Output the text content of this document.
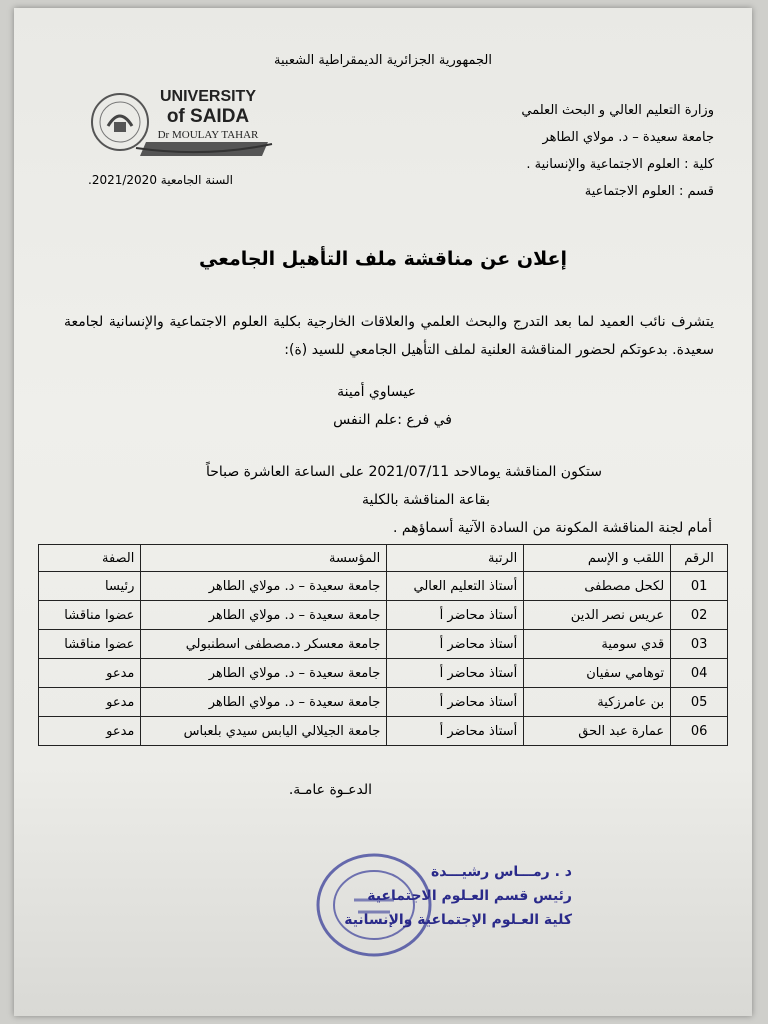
الجمهورية الجزائرية الديمقراطية الشعبية
وزارة التعليم العالي و البحث العلمي
جامعة سعيدة – د. مولاي الطاهر
كلية : العلوم الاجتماعية والإنسانية .
قسم : العلوم الاجتماعية
UNIVERSITY
of SAIDA
Dr MOULAY TAHAR
السنة الجامعية 2021/2020.
إعلان عن مناقشة ملف التأهيل الجامعي
يتشرف نائب العميد لما بعد التدرج والبحث العلمي والعلاقات الخارجية بكلية العلوم الاجتماعية والإنسانية لجامعة سعيدة. بدعوتكم لحضور المناقشة العلنية لملف التأهيل الجامعي للسيد (ة):
عيساوي أمينة
في فرع :علم النفس
ستكون المناقشة يومالاحد 2021/07/11 على الساعة العاشرة صباحاً
بقاعة المناقشة بالكلية
أمام لجنة المناقشة المكونة من السادة الآتية أسماؤهم .
الرقم	اللقب و الإسم	الرتبة	المؤسسة	الصفة
01	لكحل مصطفى	أستاذ التعليم العالي	جامعة سعيدة – د. مولاي الطاهر	رئيسا
02	عريس نصر الدين	أستاذ محاضر أ	جامعة سعيدة – د. مولاي الطاهر	عضوا مناقشا
03	قدي سومية	أستاذ محاضر أ	جامعة معسكر د.مصطفى اسطنبولي	عضوا مناقشا
04	توهامي سفيان	أستاذ محاضر أ	جامعة سعيدة – د. مولاي الطاهر	مدعو
05	بن عامرزكية	أستاذ محاضر أ	جامعة سعيدة – د. مولاي الطاهر	مدعو
06	عمارة عبد الحق	أستاذ محاضر أ	جامعة الجيلالي اليابس سيدي بلعباس	مدعو
الدعـوة عامـة.
د . رمـــاس رشيـــدة
رئيس قسم العـلوم الاجتماعية
كلية العـلوم الإجتماعية والإنسانية
